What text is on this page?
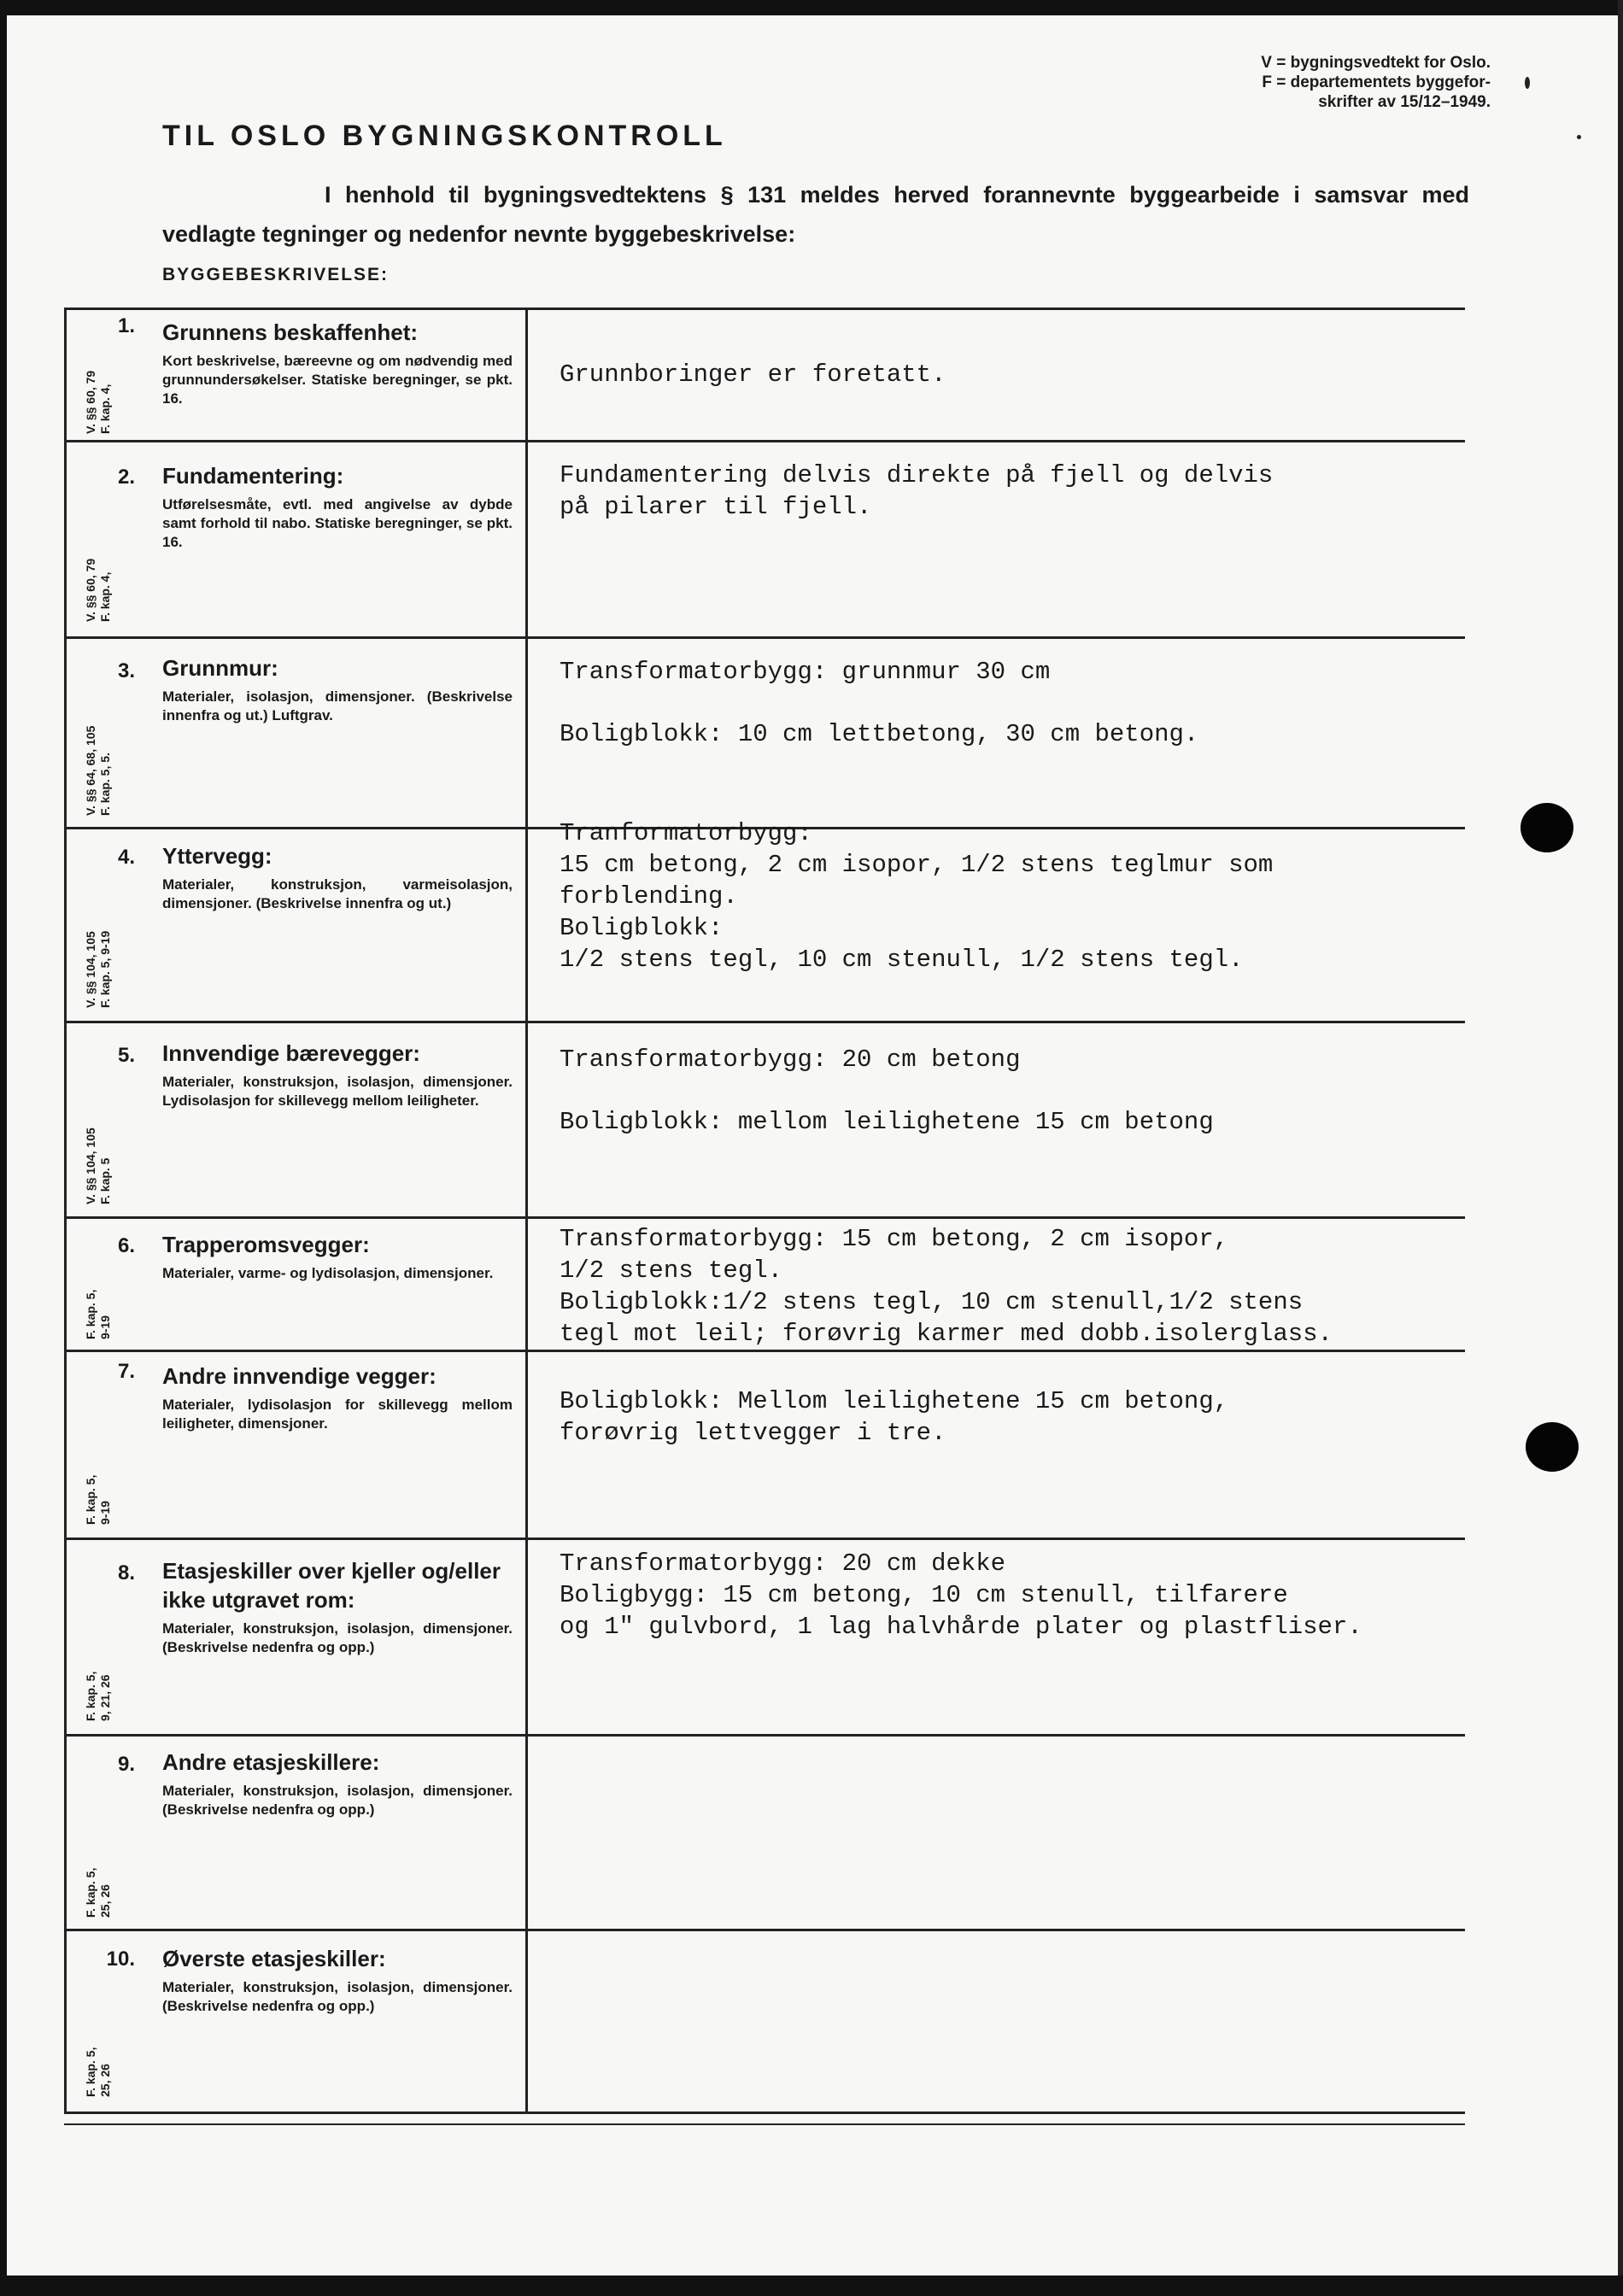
V = bygningsvedtekt for Oslo.
F = departementets byggefor-
skrifter av 15/12–1949.
TIL OSLO BYGNINGSKONTROLL
I henhold til bygningsvedtektens § 131 meldes herved forannevnte byggearbeide i samsvar med vedlagte tegninger og nedenfor nevnte byggebeskrivelse:
BYGGEBESKRIVELSE:
1.
V. §§ 60, 79 F. kap. 4,
Grunnens beskaffenhet:
Kort beskrivelse, bæreevne og om nødvendig med grunnundersøkelser. Statiske beregninger, se pkt. 16.
Grunnboringer er foretatt.
2.
V. §§ 60, 79 F. kap. 4,
Fundamentering:
Utførelsesmåte, evtl. med angivelse av dybde samt forhold til nabo. Statiske beregninger, se pkt. 16.
Fundamentering delvis direkte på fjell og delvis
på pilarer til fjell.
3.
V. §§ 64, 68, 105 F. kap. 5, 5.
Grunnmur:
Materialer, isolasjon, dimensjoner. (Beskrivelse innenfra og ut.) Luftgrav.
Transformatorbygg: grunnmur 30 cm
Boligblokk: 10 cm lettbetong, 30 cm betong.
4.
V. §§ 104, 105 F. kap. 5, 9-19
Yttervegg:
Materialer, konstruksjon, varmeisolasjon, dimensjoner. (Beskrivelse innenfra og ut.)
Tranformatorbygg:
15 cm betong, 2 cm isopor, 1/2 stens teglmur som
forblending.
Boligblokk:
1/2 stens tegl, 10 cm stenull, 1/2 stens tegl.
5.
V. §§ 104, 105 F. kap. 5
Innvendige bærevegger:
Materialer, konstruksjon, isolasjon, dimensjoner. Lydisolasjon for skillevegg mellom leiligheter.
Transformatorbygg: 20 cm betong
Boligblokk: mellom leilighetene 15 cm betong
6.
F. kap. 5, 9-19
Trapperomsvegger:
Materialer, varme- og lydisolasjon, dimensjoner.
Transformatorbygg: 15 cm betong, 2 cm isopor,
1/2 stens tegl.
Boligblokk:1/2 stens tegl, 10 cm stenull,1/2 stens
tegl mot leil; forøvrig karmer med dobb.isolerglass.
7.
F. kap. 5, 9-19
Andre innvendige vegger:
Materialer, lydisolasjon for skillevegg mellom leiligheter, dimensjoner.
Boligblokk: Mellom leilighetene 15 cm betong,
forøvrig lettvegger i tre.
8.
F. kap. 5, 9, 21, 26
Etasjeskiller over kjeller og/eller ikke utgravet rom:
Materialer, konstruksjon, isolasjon, dimensjoner. (Beskrivelse nedenfra og opp.)
Transformatorbygg: 20 cm dekke
Boligbygg: 15 cm betong, 10 cm stenull, tilfarere
og 1" gulvbord, 1 lag halvhårde plater og plastfliser.
9.
F. kap. 5, 25, 26
Andre etasjeskillere:
Materialer, konstruksjon, isolasjon, dimensjoner. (Beskrivelse nedenfra og opp.)
10.
F. kap. 5, 25, 26
Øverste etasjeskiller:
Materialer, konstruksjon, isolasjon, dimensjoner. (Beskrivelse nedenfra og opp.)
